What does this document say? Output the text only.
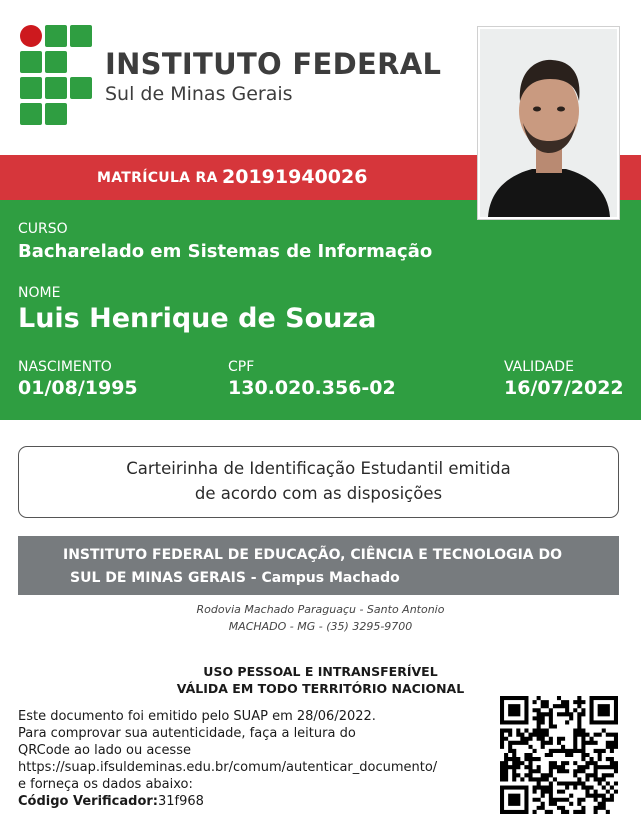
INSTITUTO FEDERAL
Sul de Minas Gerais
MATRÍCULA RA 20191940026
CURSO
Bacharelado em Sistemas de Informação
NOME
Luis Henrique de Souza
NASCIMENTO
01/08/1995
CPF
130.020.356-02
VALIDADE
16/07/2022
Carteirinha de Identificação Estudantil emitida
de acordo com as disposições
INSTITUTO FEDERAL DE EDUCAÇÃO, CIÊNCIA E TECNOLOGIA DO
SUL DE MINAS GERAIS - Campus Machado
Rodovia Machado Paraguaçu - Santo Antonio
MACHADO - MG - (35) 3295-9700
USO PESSOAL E INTRANSFERÍVEL
VÁLIDA EM TODO TERRITÓRIO NACIONAL
Este documento foi emitido pelo SUAP em 28/06/2022.
Para comprovar sua autenticidade, faça a leitura do
QRCode ao lado ou acesse
https://suap.ifsuldeminas.edu.br/comum/autenticar_documento/
e forneça os dados abaixo:
Código Verificador:31f968
